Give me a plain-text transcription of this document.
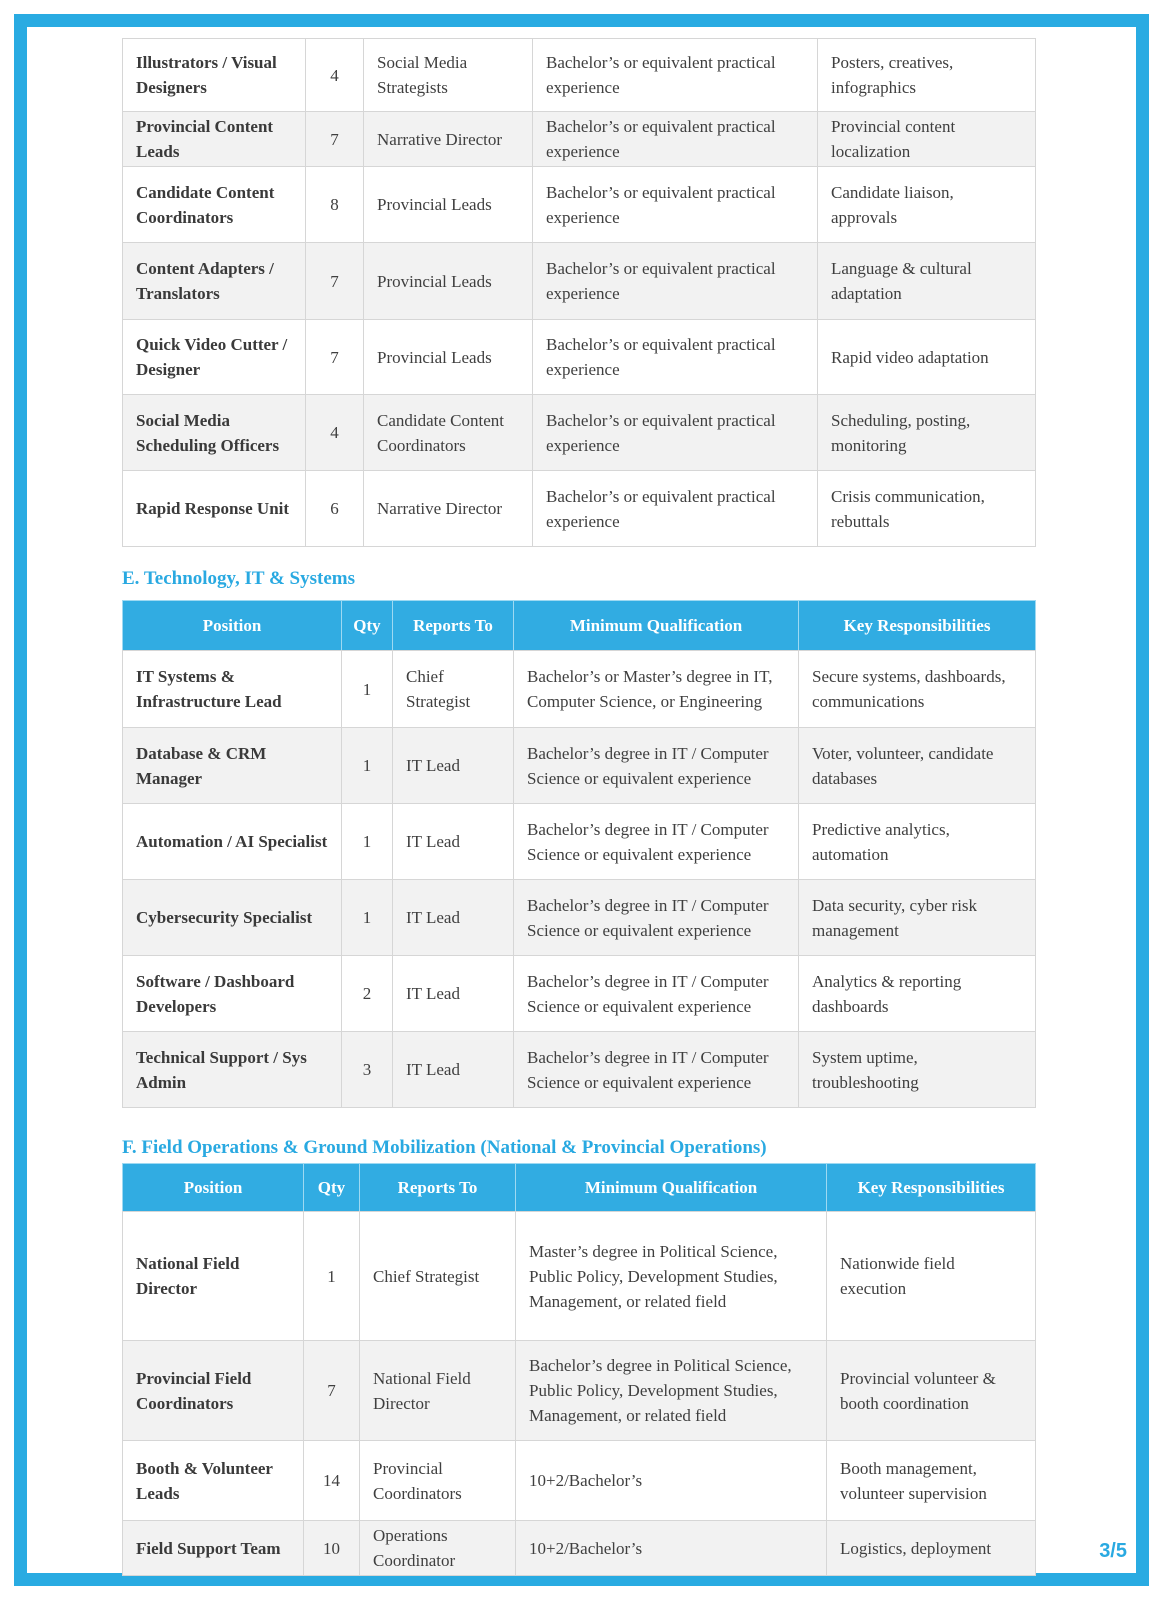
Illustrators / Visual Designers	4	Social Media Strategists	Bachelor’s or equivalent practical experience	Posters, creatives, infographics
Provincial Content Leads	7	Narrative Director	Bachelor’s or equivalent practical experience	Provincial content localization
Candidate Content Coordinators	8	Provincial Leads	Bachelor’s or equivalent practical experience	Candidate liaison, approvals
Content Adapters / Translators	7	Provincial Leads	Bachelor’s or equivalent practical experience	Language & cultural adaptation
Quick Video Cutter / Designer	7	Provincial Leads	Bachelor’s or equivalent practical experience	Rapid video adaptation
Social Media Scheduling Officers	4	Candidate Content Coordinators	Bachelor’s or equivalent practical experience	Scheduling, posting, monitoring
Rapid Response Unit	6	Narrative Director	Bachelor’s or equivalent practical experience	Crisis communication, rebuttals
E. Technology, IT & Systems
Position	Qty	Reports To	Minimum Qualification	Key Responsibilities
IT Systems & Infrastructure Lead	1	Chief Strategist	Bachelor’s or Master’s degree in IT, Computer Science, or Engineering	Secure systems, dashboards, communications
Database & CRM Manager	1	IT Lead	Bachelor’s degree in IT / Computer Science or equivalent experience	Voter, volunteer, candidate databases
Automation / AI Specialist	1	IT Lead	Bachelor’s degree in IT / Computer Science or equivalent experience	Predictive analytics, automation
Cybersecurity Specialist	1	IT Lead	Bachelor’s degree in IT / Computer Science or equivalent experience	Data security, cyber risk management
Software / Dashboard Developers	2	IT Lead	Bachelor’s degree in IT / Computer Science or equivalent experience	Analytics & reporting dashboards
Technical Support / Sys Admin	3	IT Lead	Bachelor’s degree in IT / Computer Science or equivalent experience	System uptime, troubleshooting
F. Field Operations & Ground Mobilization (National & Provincial Operations)
Position	Qty	Reports To	Minimum Qualification	Key Responsibilities
National Field Director	1	Chief Strategist	Master’s degree in Political Science, Public Policy, Development Studies, Management, or related field	Nationwide field execution
Provincial Field Coordinators	7	National Field Director	Bachelor’s degree in Political Science, Public Policy, Development Studies, Management, or related field	Provincial volunteer & booth coordination
Booth & Volunteer Leads	14	Provincial Coordinators	10+2/Bachelor’s	Booth management, volunteer supervision
Field Support Team	10	Operations Coordinator	10+2/Bachelor’s	Logistics, deployment	3/5
